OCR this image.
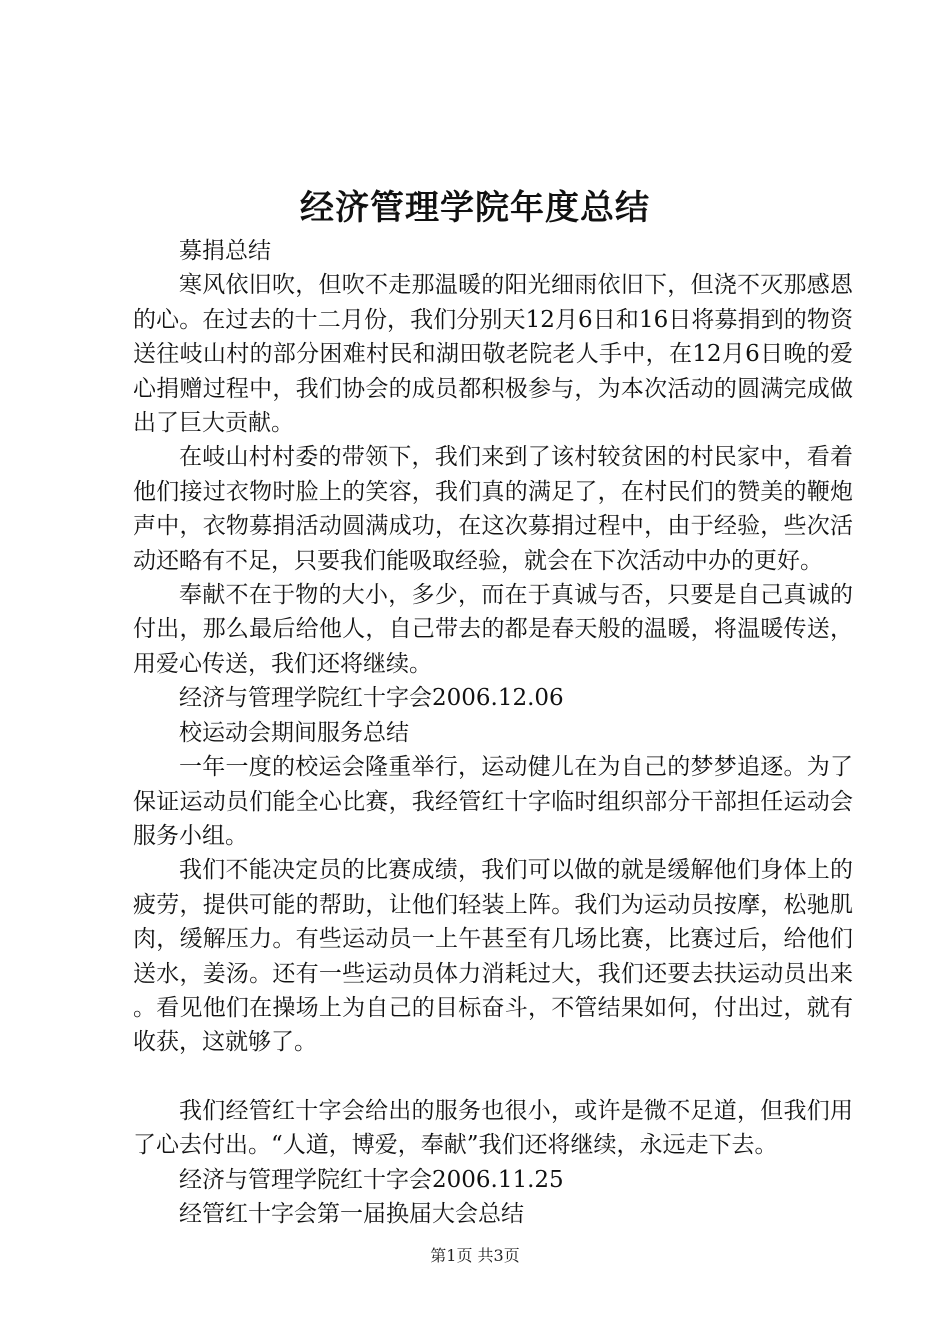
经济管理学院年度总结

募捐总结

寒风依旧吹，但吹不走那温暖的阳光细雨依旧下，但浇不灭那感恩的心。在过去的十二月份，我们分别天12月6日和16日将募捐到的物资送往岐山村的部分困难村民和湖田敬老院老人手中，在12月6日晚的爱心捐赠过程中，我们协会的成员都积极参与，为本次活动的圆满完成做出了巨大贡献。

在岐山村村委的带领下，我们来到了该村较贫困的村民家中，看着他们接过衣物时脸上的笑容，我们真的满足了，在村民们的赞美的鞭炮声中，衣物募捐活动圆满成功，在这次募捐过程中，由于经验，些次活动还略有不足，只要我们能吸取经验，就会在下次活动中办的更好。

奉献不在于物的大小，多少，而在于真诚与否，只要是自己真诚的付出，那么最后给他人，自己带去的都是春天般的温暖，将温暖传送，用爱心传送，我们还将继续。

经济与管理学院红十字会2006.12.06

校运动会期间服务总结

一年一度的校运会隆重举行，运动健儿在为自己的梦梦追逐。为了保证运动员们能全心比赛，我经管红十字临时组织部分干部担任运动会服务小组。

我们不能决定员的比赛成绩，我们可以做的就是缓解他们身体上的疲劳，提供可能的帮助，让他们轻装上阵。我们为运动员按摩，松驰肌肉，缓解压力。有些运动员一上午甚至有几场比赛，比赛过后，给他们送水，姜汤。还有一些运动员体力消耗过大，我们还要去扶运动员出来。看见他们在操场上为自己的目标奋斗，不管结果如何，付出过，就有收获，这就够了。

我们经管红十字会给出的服务也很小，或许是微不足道，但我们用了心去付出。“人道，博爱，奉献”我们还将继续，永远走下去。

经济与管理学院红十字会2006.11.25

经管红十字会第一届换届大会总结

第1页 共3页
